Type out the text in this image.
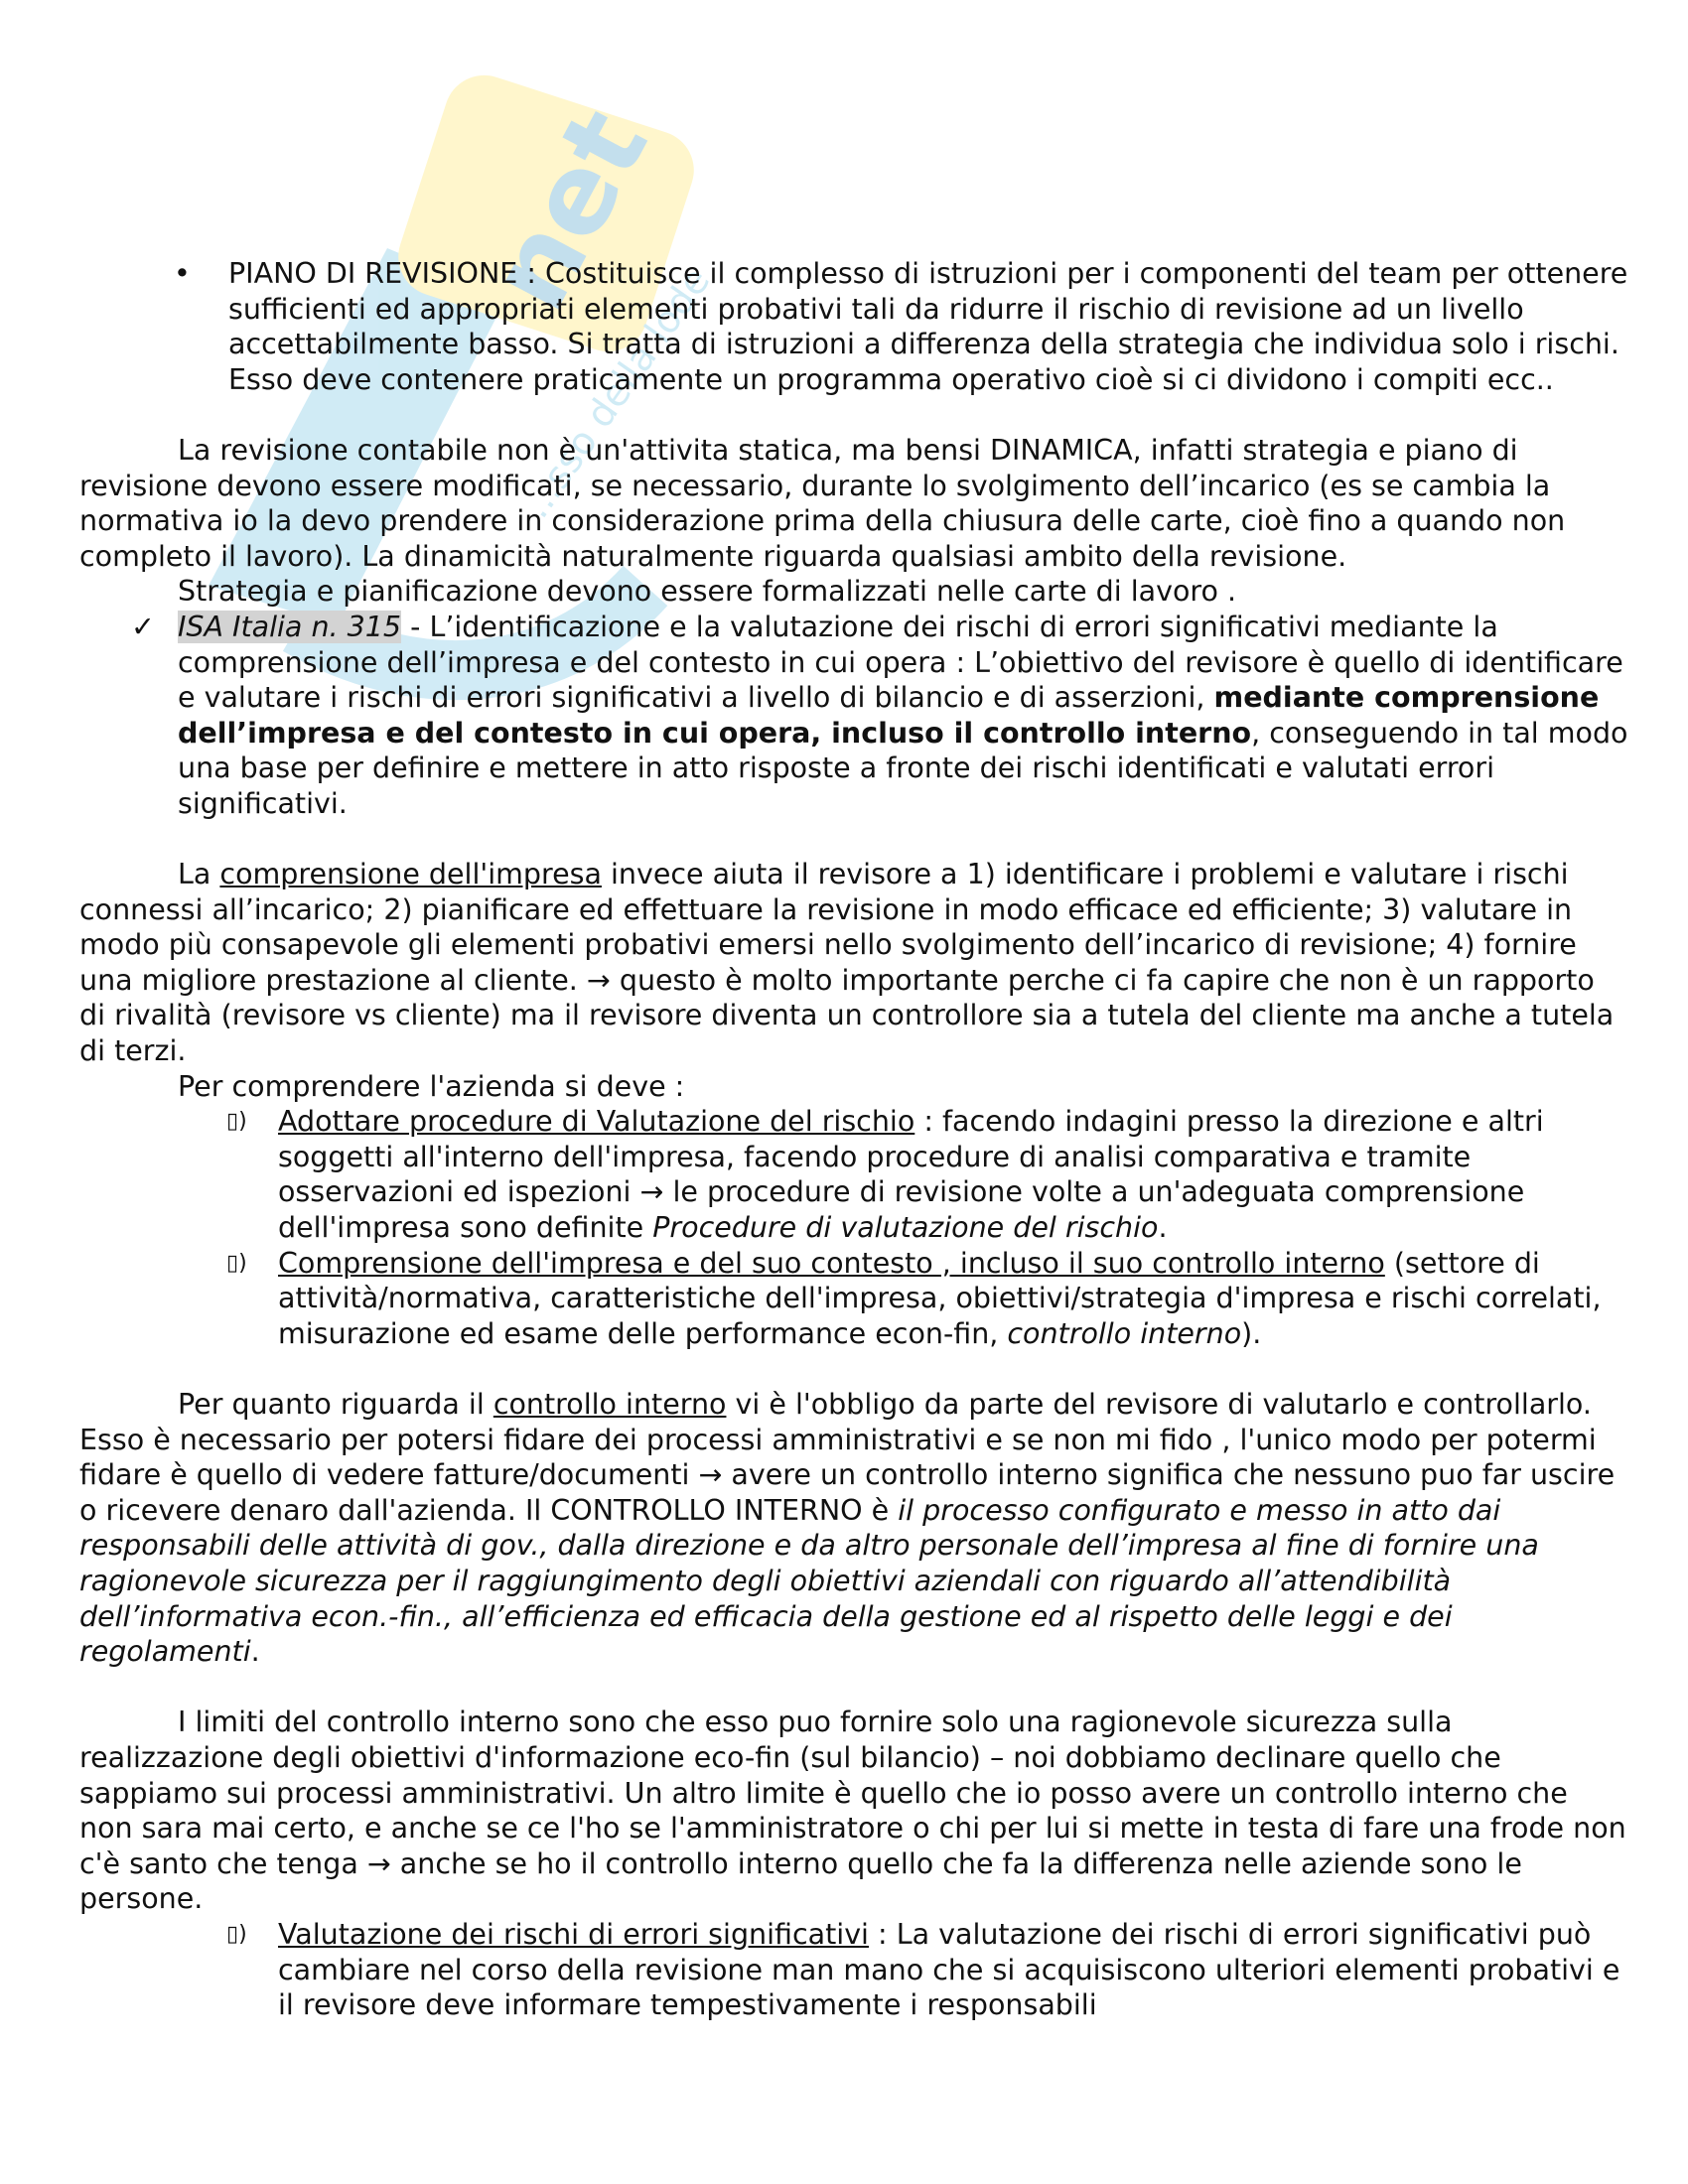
net
...sso della lode
• PIANO DI REVISIONE : Costituisce il complesso di istruzioni per i componenti del team per ottenere sufficienti ed appropriati elementi probativi tali da ridurre il rischio di revisione ad un livello accettabilmente basso. Si tratta di istruzioni a differenza della strategia che individua solo i rischi. Esso deve contenere praticamente un programma operativo cioè si ci dividono i compiti ecc..

La revisione contabile non è un'attivita statica, ma bensi DINAMICA, infatti strategia e piano di revisione devono essere modificati, se necessario, durante lo svolgimento dell’incarico (es se cambia la normativa io la devo prendere in considerazione prima della chiusura delle carte, cioè fino a quando non completo il lavoro). La dinamicità naturalmente riguarda qualsiasi ambito della revisione.

Strategia e pianificazione devono essere formalizzati nelle carte di lavoro .

✓ ISA Italia n. 315 - L’identificazione e la valutazione dei rischi di errori significativi mediante la comprensione dell’impresa e del contesto in cui opera : L’obiettivo del revisore è quello di identificare e valutare i rischi di errori significativi a livello di bilancio e di asserzioni, mediante comprensione dell’impresa e del contesto in cui opera, incluso il controllo interno, conseguendo in tal modo una base per definire e mettere in atto risposte a fronte dei rischi identificati e valutati errori significativi.

La comprensione dell'impresa invece aiuta il revisore a 1) identificare i problemi e valutare i rischi connessi all’incarico; 2) pianificare ed effettuare la revisione in modo efficace ed efficiente; 3) valutare in modo più consapevole gli elementi probativi emersi nello svolgimento dell’incarico di revisione; 4) fornire una migliore prestazione al cliente. → questo è molto importante perche ci fa capire che non è un rapporto di rivalità (revisore vs cliente) ma il revisore diventa un controllore sia a tutela del cliente ma anche a tutela di terzi.

Per comprendere l'azienda si deve :

▯) Adottare procedure di Valutazione del rischio : facendo indagini presso la direzione e altri soggetti all'interno dell'impresa, facendo procedure di analisi comparativa e tramite osservazioni ed ispezioni → le procedure di revisione volte a un'adeguata comprensione dell'impresa sono definite Procedure di valutazione del rischio.
▯) Comprensione dell'impresa e del suo contesto , incluso il suo controllo interno (settore di attività/normativa, caratteristiche dell'impresa, obiettivi/strategia d'impresa e rischi correlati, misurazione ed esame delle performance econ-fin, controllo interno).

Per quanto riguarda il controllo interno vi è l'obbligo da parte del revisore di valutarlo e controllarlo. Esso è necessario per potersi fidare dei processi amministrativi e se non mi fido , l'unico modo per potermi fidare è quello di vedere fatture/documenti → avere un controllo interno significa che nessuno puo far uscire o ricevere denaro dall'azienda. Il CONTROLLO INTERNO è il processo configurato e messo in atto dai responsabili delle attività di gov., dalla direzione e da altro personale dell’impresa al fine di fornire una ragionevole sicurezza per il raggiungimento degli obiettivi aziendali con riguardo all’attendibilità dell’informativa econ.-fin., all’efficienza ed efficacia della gestione ed al rispetto delle leggi e dei regolamenti.

I limiti del controllo interno sono che esso puo fornire solo una ragionevole sicurezza sulla realizzazione degli obiettivi d'informazione eco-fin (sul bilancio) – noi dobbiamo declinare quello che sappiamo sui processi amministrativi. Un altro limite è quello che io posso avere un controllo interno che non sara mai certo, e anche se ce l'ho se l'amministratore o chi per lui si mette in testa di fare una frode non c'è santo che tenga → anche se ho il controllo interno quello che fa la differenza nelle aziende sono le persone.

▯) Valutazione dei rischi di errori significativi : La valutazione dei rischi di errori significativi può cambiare nel corso della revisione man mano che si acquisiscono ulteriori elementi probativi e il revisore deve informare tempestivamente i responsabili
